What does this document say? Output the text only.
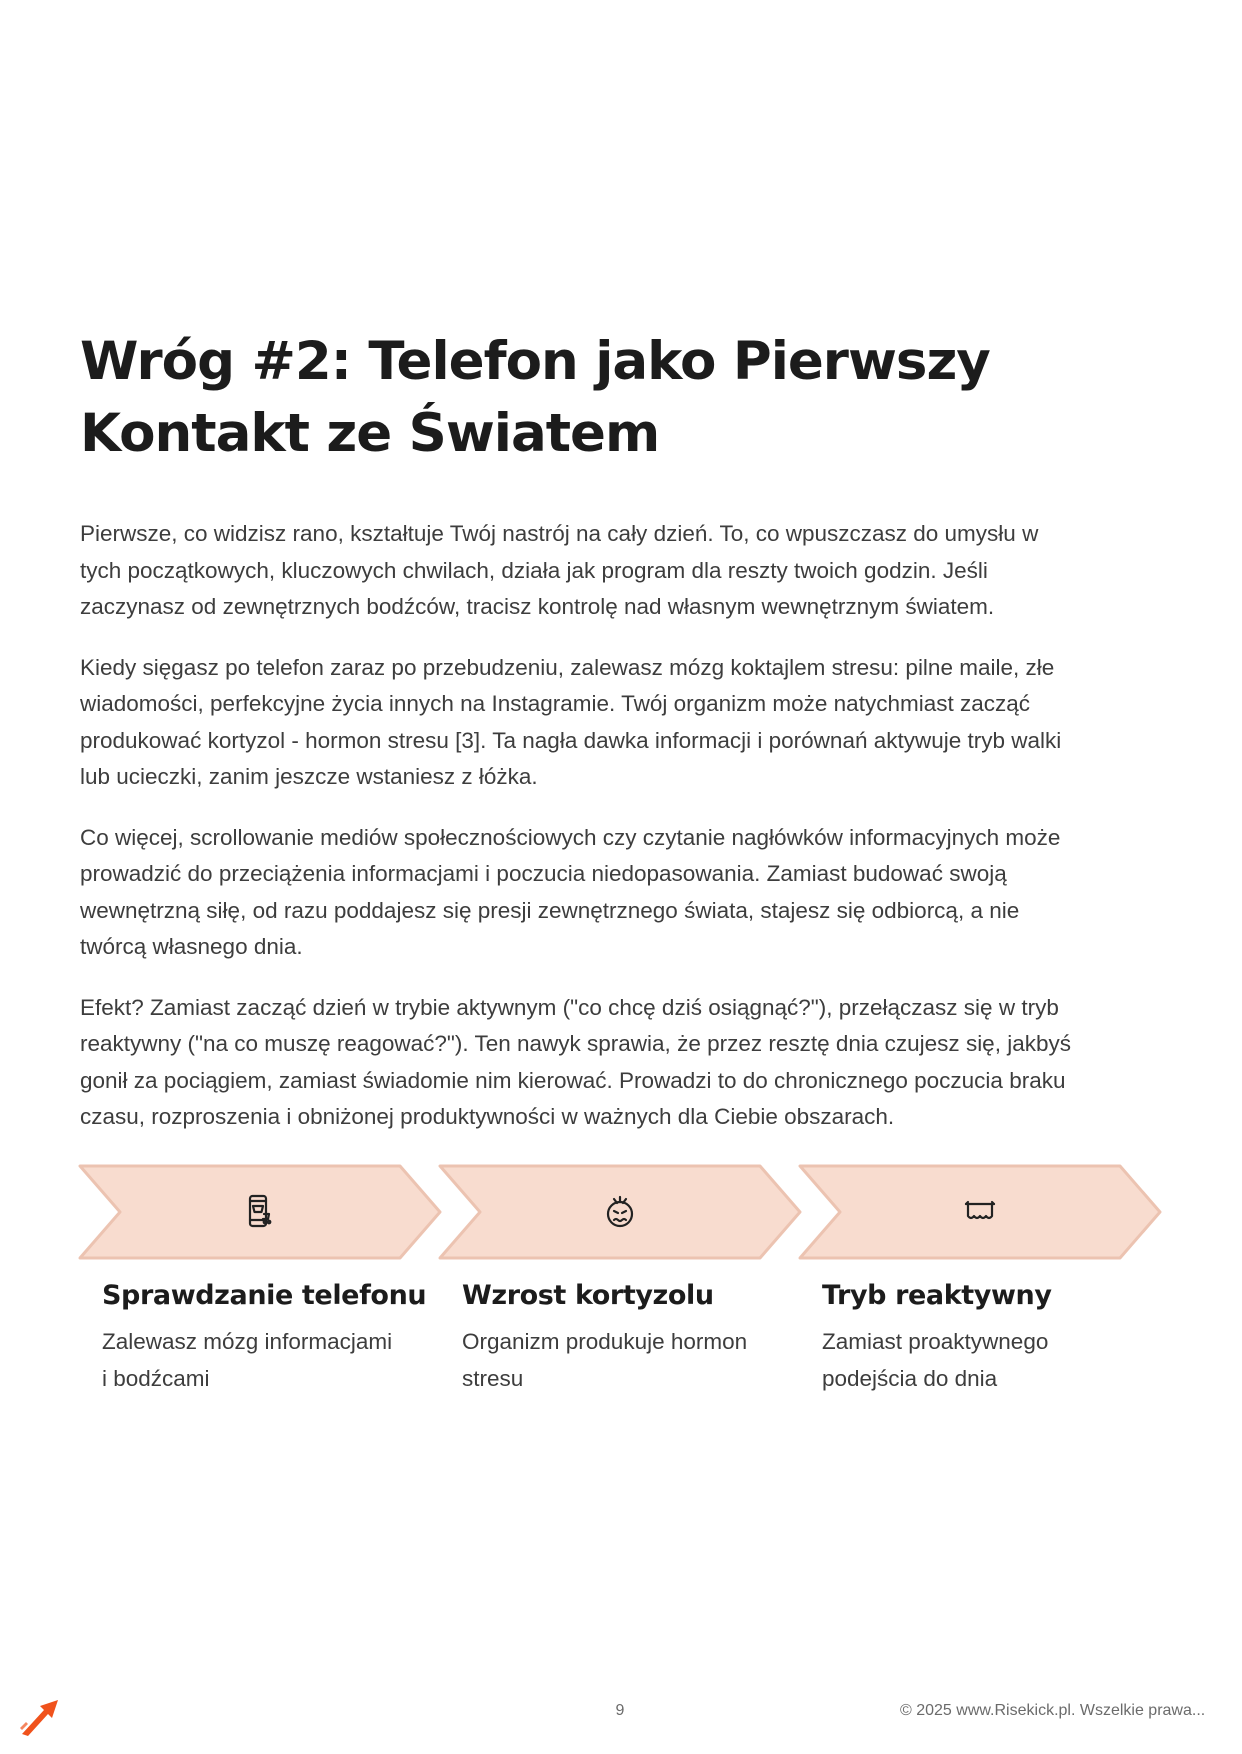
Wróg #2: Telefon jako Pierwszy
Kontakt ze Światem

Pierwsze, co widzisz rano, kształtuje Twój nastrój na cały dzień. To, co wpuszczasz do umysłu w
tych początkowych, kluczowych chwilach, działa jak program dla reszty twoich godzin. Jeśli
zaczynasz od zewnętrznych bodźców, tracisz kontrolę nad własnym wewnętrznym światem.

Kiedy sięgasz po telefon zaraz po przebudzeniu, zalewasz mózg koktajlem stresu: pilne maile, złe
wiadomości, perfekcyjne życia innych na Instagramie. Twój organizm może natychmiast zacząć
produkować kortyzol - hormon stresu [3]. Ta nagła dawka informacji i porównań aktywuje tryb walki
lub ucieczki, zanim jeszcze wstaniesz z łóżka.

Co więcej, scrollowanie mediów społecznościowych czy czytanie nagłówków informacyjnych może
prowadzić do przeciążenia informacjami i poczucia niedopasowania. Zamiast budować swoją
wewnętrzną siłę, od razu poddajesz się presji zewnętrznego świata, stajesz się odbiorcą, a nie
twórcą własnego dnia.

Efekt? Zamiast zacząć dzień w trybie aktywnym ("co chcę dziś osiągnąć?"), przełączasz się w tryb
reaktywny ("na co muszę reagować?"). Ten nawyk sprawia, że przez resztę dnia czujesz się, jakbyś
gonił za pociągiem, zamiast świadomie nim kierować. Prowadzi to do chronicznego poczucia braku
czasu, rozproszenia i obniżonej produktywności w ważnych dla Ciebie obszarach.

Sprawdzanie telefonu

Zalewasz mózg informacjami
i bodźcami

Wzrost kortyzolu

Organizm produkuje hormon
stresu

Tryb reaktywny

Zamiast proaktywnego
podejścia do dnia

9	© 2025 www.Risekick.pl. Wszelkie prawa...
